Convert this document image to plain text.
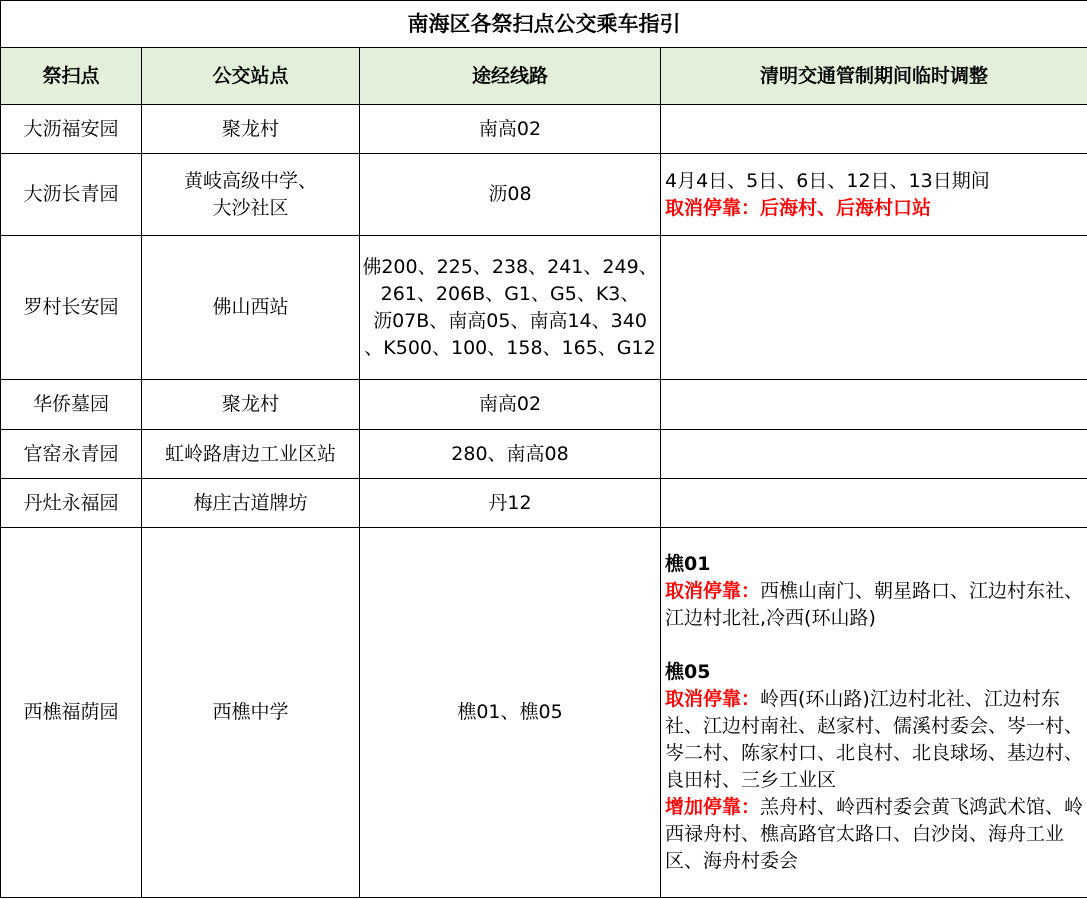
南海区各祭扫点公交乘车指引			
祭扫点	公交站点	途经线路	清明交通管制期间临时调整
大沥福安园	聚龙村	南高02	

大沥长青园	黄岐高级中学、
大沙社区	沥08	4月4日、5日、6日、12日、13日期间
取消停靠：后海村、后海村口站

罗村长安园	佛山西站	佛200、225、238、241、249、
261、206B、G1、G5、K3、
沥07B、南高05、南高14、340
、K500、100、158、165、G12	

华侨墓园	聚龙村	南高02	

官窑永青园	虹岭路唐边工业区站	280、南高08	

丹灶永福园	梅庄古道牌坊	丹12	

西樵福荫园	西樵中学	樵01、樵05	樵01
取消停靠：西樵山南门、朝星路口、江边村东社、江边村北社,冷西(环山路)
樵05
取消停靠：岭西(环山路)江边村北社、江边村东社、江边村南社、赵家村、儒溪村委会、岑一村、岑二村、陈家村口、北良村、北良球场、基边村、良田村、三乡工业区
增加停靠：羔舟村、岭西村委会黄飞鸿武术馆、岭西禄舟村、樵高路官太路口、白沙岗、海舟工业区、海舟村委会
